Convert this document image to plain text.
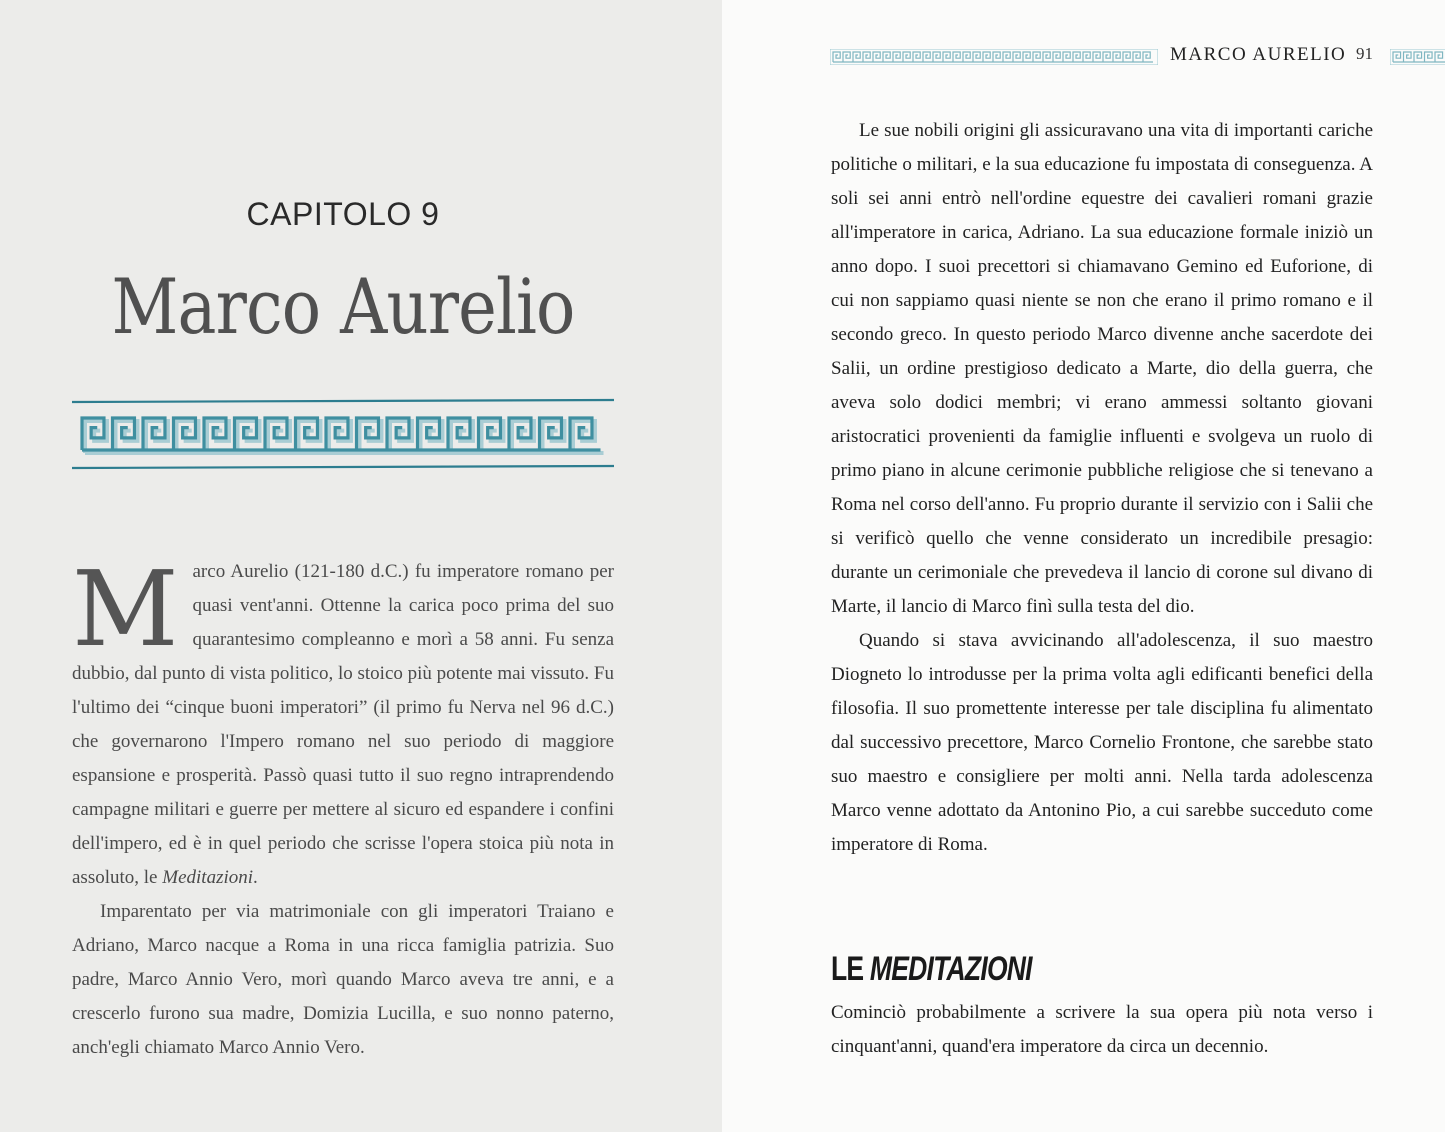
CAPITOLO 9
Marco Aurelio

Marco Aurelio (121-180 d.C.) fu imperatore romano per quasi vent'anni. Ottenne la carica poco prima del suo quarantesimo compleanno e morì a 58 anni. Fu senza dubbio, dal punto di vista politico, lo stoico più potente mai vissuto. Fu l'ultimo dei “cinque buoni imperatori” (il primo fu Nerva nel 96 d.C.) che governarono l'Impero romano nel suo periodo di maggiore espansione e prosperità. Passò quasi tutto il suo regno intraprendendo campagne militari e guerre per mettere al sicuro ed espandere i confini dell'impero, ed è in quel periodo che scrisse l'opera stoica più nota in assoluto, le Meditazioni.

Imparentato per via matrimoniale con gli imperatori Traiano e Adriano, Marco nacque a Roma in una ricca famiglia patrizia. Suo padre, Marco Annio Vero, morì quando Marco aveva tre anni, e a crescerlo furono sua madre, Domizia Lucilla, e suo nonno paterno, anch'egli chiamato Marco Annio Vero.

MARCO AURELIO 91

Le sue nobili origini gli assicuravano una vita di importanti cariche politiche o militari, e la sua educazione fu impostata di conseguenza. A soli sei anni entrò nell'ordine equestre dei cavalieri romani grazie all'imperatore in carica, Adriano. La sua educazione formale iniziò un anno dopo. I suoi precettori si chiamavano Gemino ed Euforione, di cui non sappiamo quasi niente se non che erano il primo romano e il secondo greco. In questo periodo Marco divenne anche sacerdote dei Salii, un ordine prestigioso dedicato a Marte, dio della guerra, che aveva solo dodici membri; vi erano ammessi soltanto giovani aristocratici provenienti da famiglie influenti e svolgeva un ruolo di primo piano in alcune cerimonie pubbliche religiose che si tenevano a Roma nel corso dell'anno. Fu proprio durante il servizio con i Salii che si verificò quello che venne considerato un incredibile presagio: durante un cerimoniale che prevedeva il lancio di corone sul divano di Marte, il lancio di Marco finì sulla testa del dio.

Quando si stava avvicinando all'adolescenza, il suo maestro Diogneto lo introdusse per la prima volta agli edificanti benefici della filosofia. Il suo promettente interesse per tale disciplina fu alimentato dal successivo precettore, Marco Cornelio Frontone, che sarebbe stato suo maestro e consigliere per molti anni. Nella tarda adolescenza Marco venne adottato da Antonino Pio, a cui sarebbe succeduto come imperatore di Roma.

LE MEDITAZIONI

Cominciò probabilmente a scrivere la sua opera più nota verso i cinquant'anni, quand'era imperatore da circa un decennio.
